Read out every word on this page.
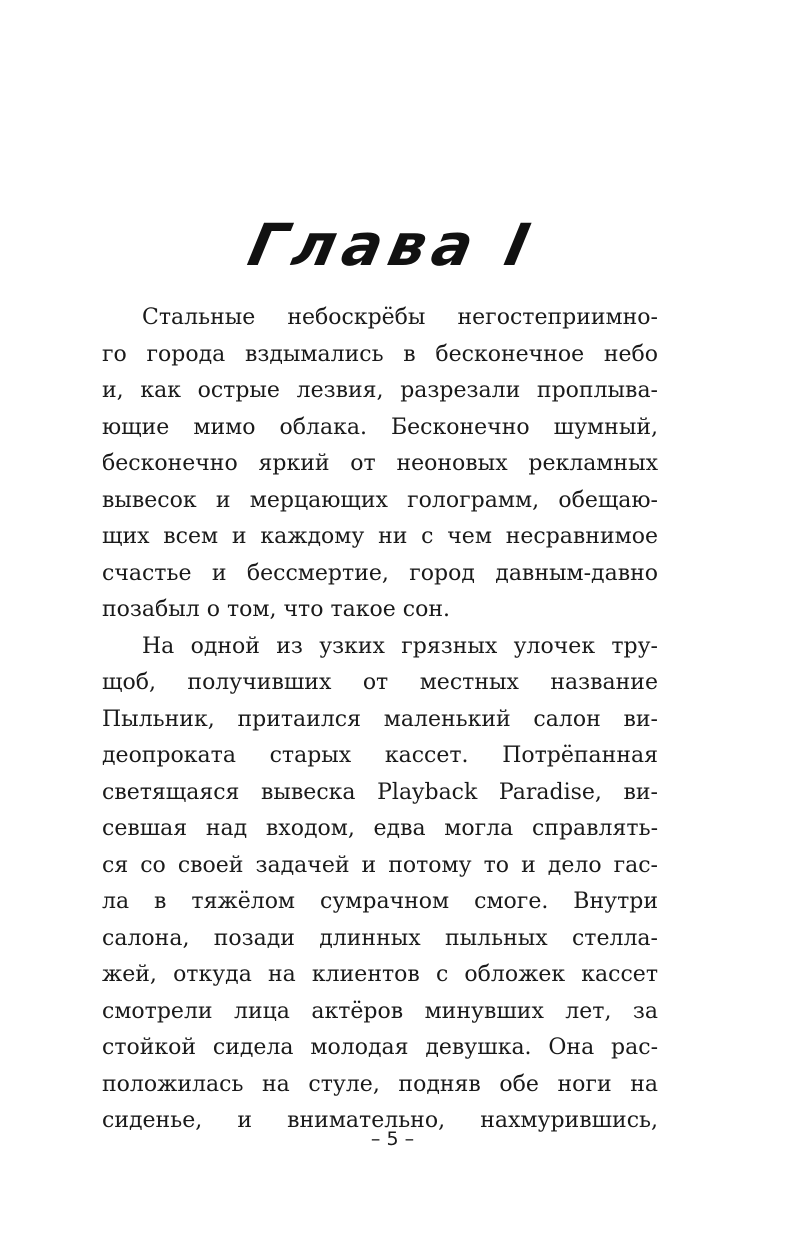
Глава I
Стальные небоскрёбы негостеприимно-
го города вздымались в бесконечное небо
и, как острые лезвия, разрезали проплыва-
ющие мимо облака. Бесконечно шумный,
бесконечно яркий от неоновых рекламных
вывесок и мерцающих голограмм, обещаю-
щих всем и каждому ни с чем несравнимое
счастье и бессмертие, город давным-давно
позабыл о том, что такое сон.
На одной из узких грязных улочек тру-
щоб, получивших от местных название
Пыльник, притаился маленький салон ви-
деопроката старых кассет. Потрёпанная
светящаяся вывеска Playback Paradise, ви-
севшая над входом, едва могла справлять-
ся со своей задачей и потому то и дело гас-
ла в тяжёлом сумрачном смоге. Внутри
салона, позади длинных пыльных стелла-
жей, откуда на клиентов с обложек кассет
смотрели лица актёров минувших лет, за
стойкой сидела молодая девушка. Она рас-
положилась на стуле, подняв обе ноги на
сиденье, и внимательно, нахмурившись,
– 5 –
